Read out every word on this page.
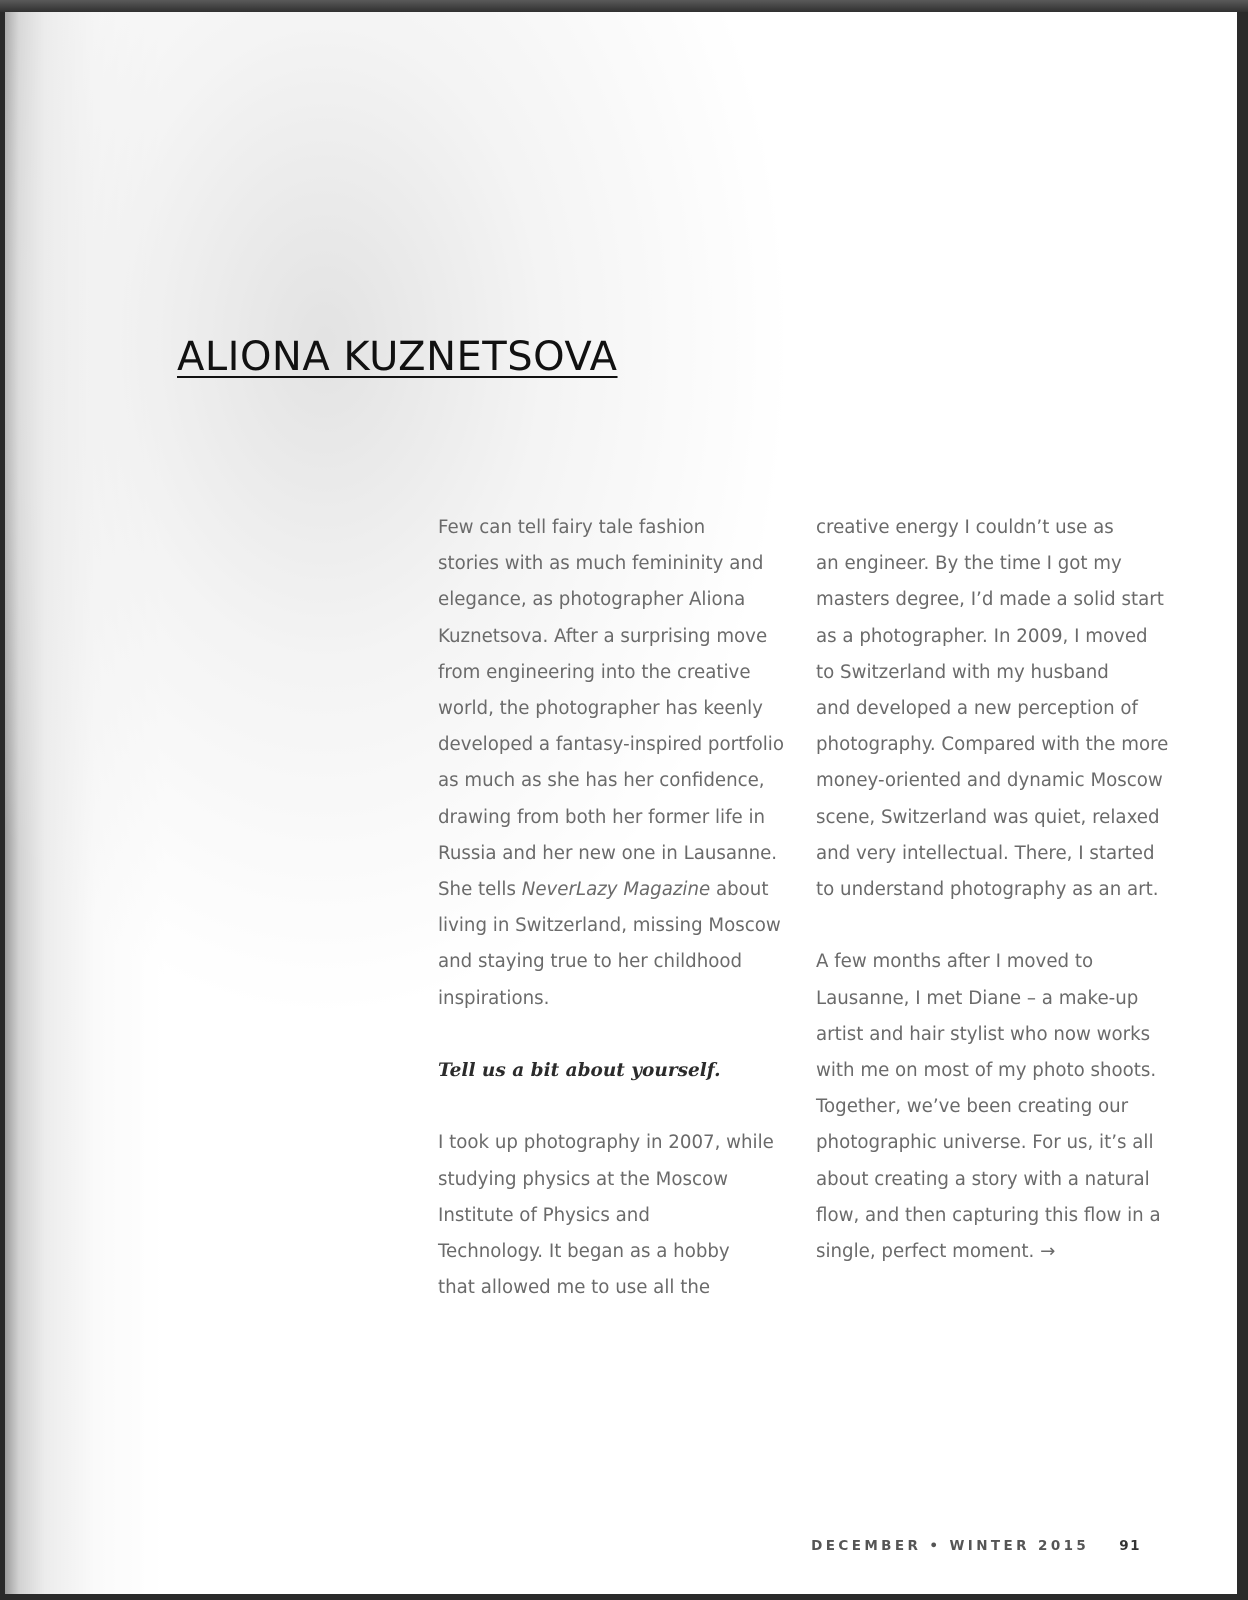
ALIONA KUZNETSOVA

Few can tell fairy tale fashion
stories with as much femininity and
elegance, as photographer Aliona
Kuznetsova. After a surprising move
from engineering into the creative
world, the photographer has keenly
developed a fantasy-inspired portfolio
as much as she has her confidence,
drawing from both her former life in
Russia and her new one in Lausanne.
She tells NeverLazy Magazine about
living in Switzerland, missing Moscow
and staying true to her childhood
inspirations.

Tell us a bit about yourself.

I took up photography in 2007, while
studying physics at the Moscow
Institute of Physics and
Technology. It began as a hobby
that allowed me to use all the

creative energy I couldn’t use as
an engineer. By the time I got my
masters degree, I’d made a solid start
as a photographer. In 2009, I moved
to Switzerland with my husband
and developed a new perception of
photography. Compared with the more
money-oriented and dynamic Moscow
scene, Switzerland was quiet, relaxed
and very intellectual. There, I started
to understand photography as an art.

A few months after I moved to
Lausanne, I met Diane – a make-up
artist and hair stylist who now works
with me on most of my photo shoots.
Together, we’ve been creating our
photographic universe. For us, it’s all
about creating a story with a natural
flow, and then capturing this flow in a
single, perfect moment. →

DECEMBER • WINTER 2015 91
